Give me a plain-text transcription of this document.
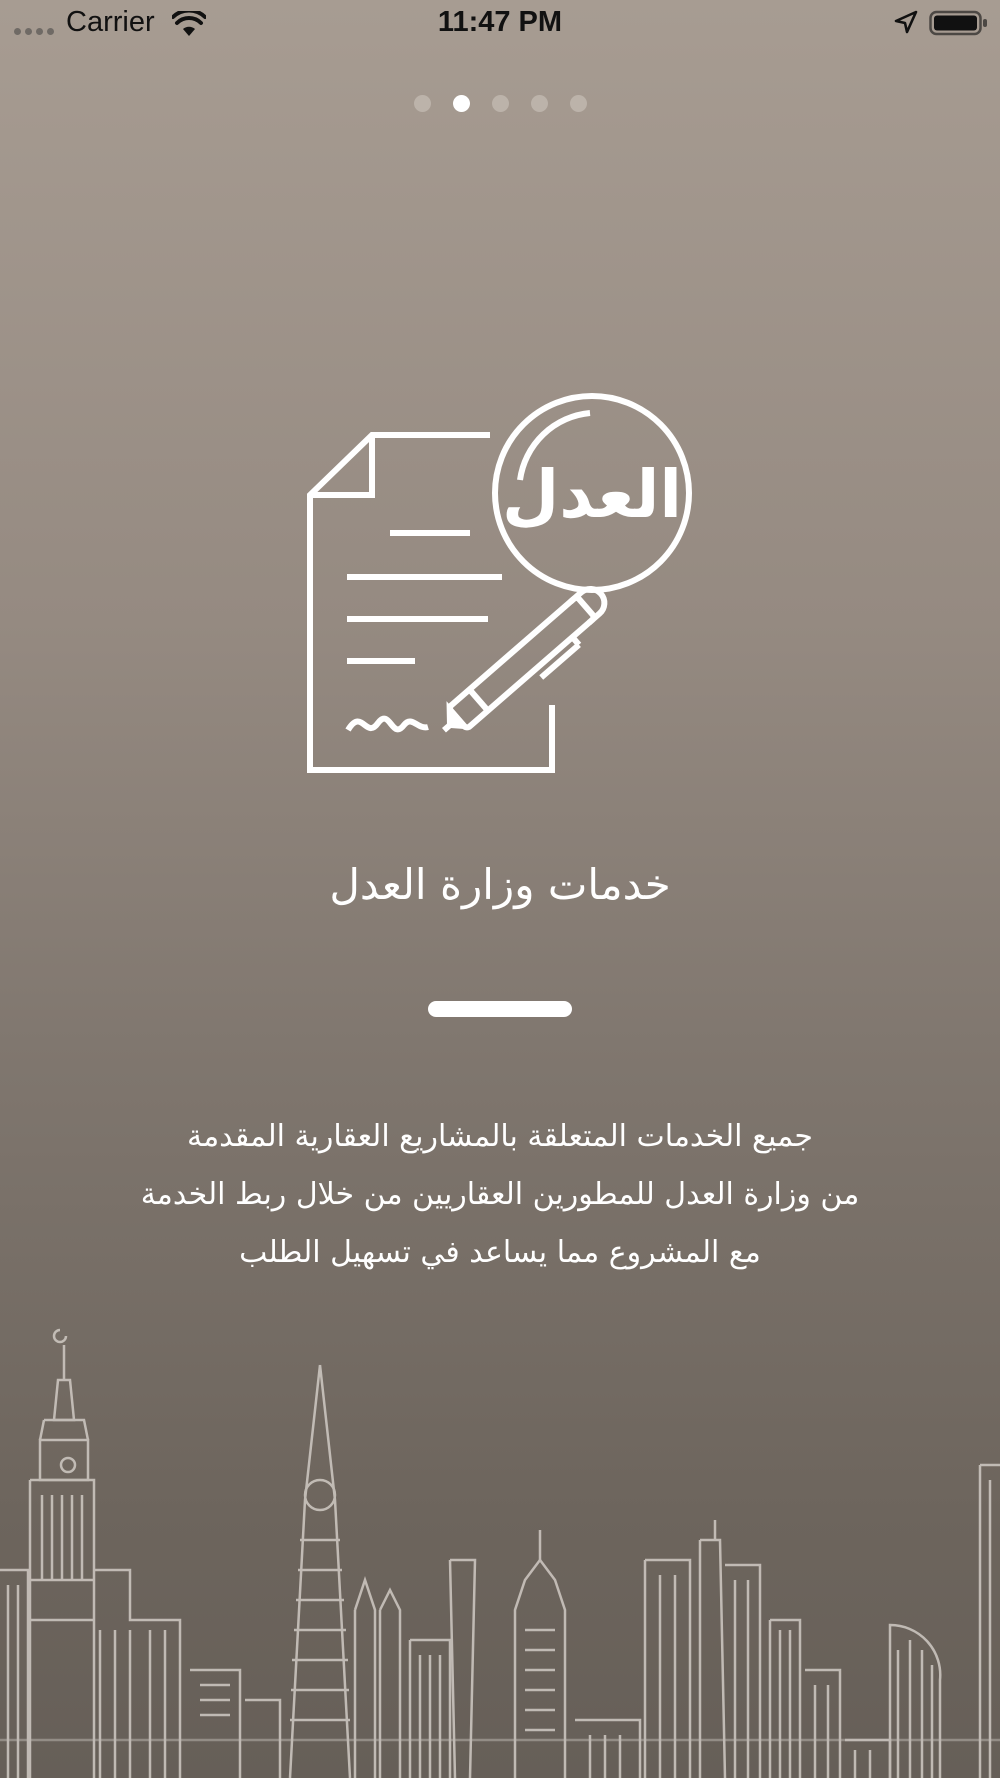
Carrier	11:47 PM
العدل
خدمات وزارة العدل
جميع الخدمات المتعلقة بالمشاريع العقارية المقدمة
من وزارة العدل للمطورين العقاريين من خلال ربط الخدمة
مع المشروع مما يساعد في تسهيل الطلب
